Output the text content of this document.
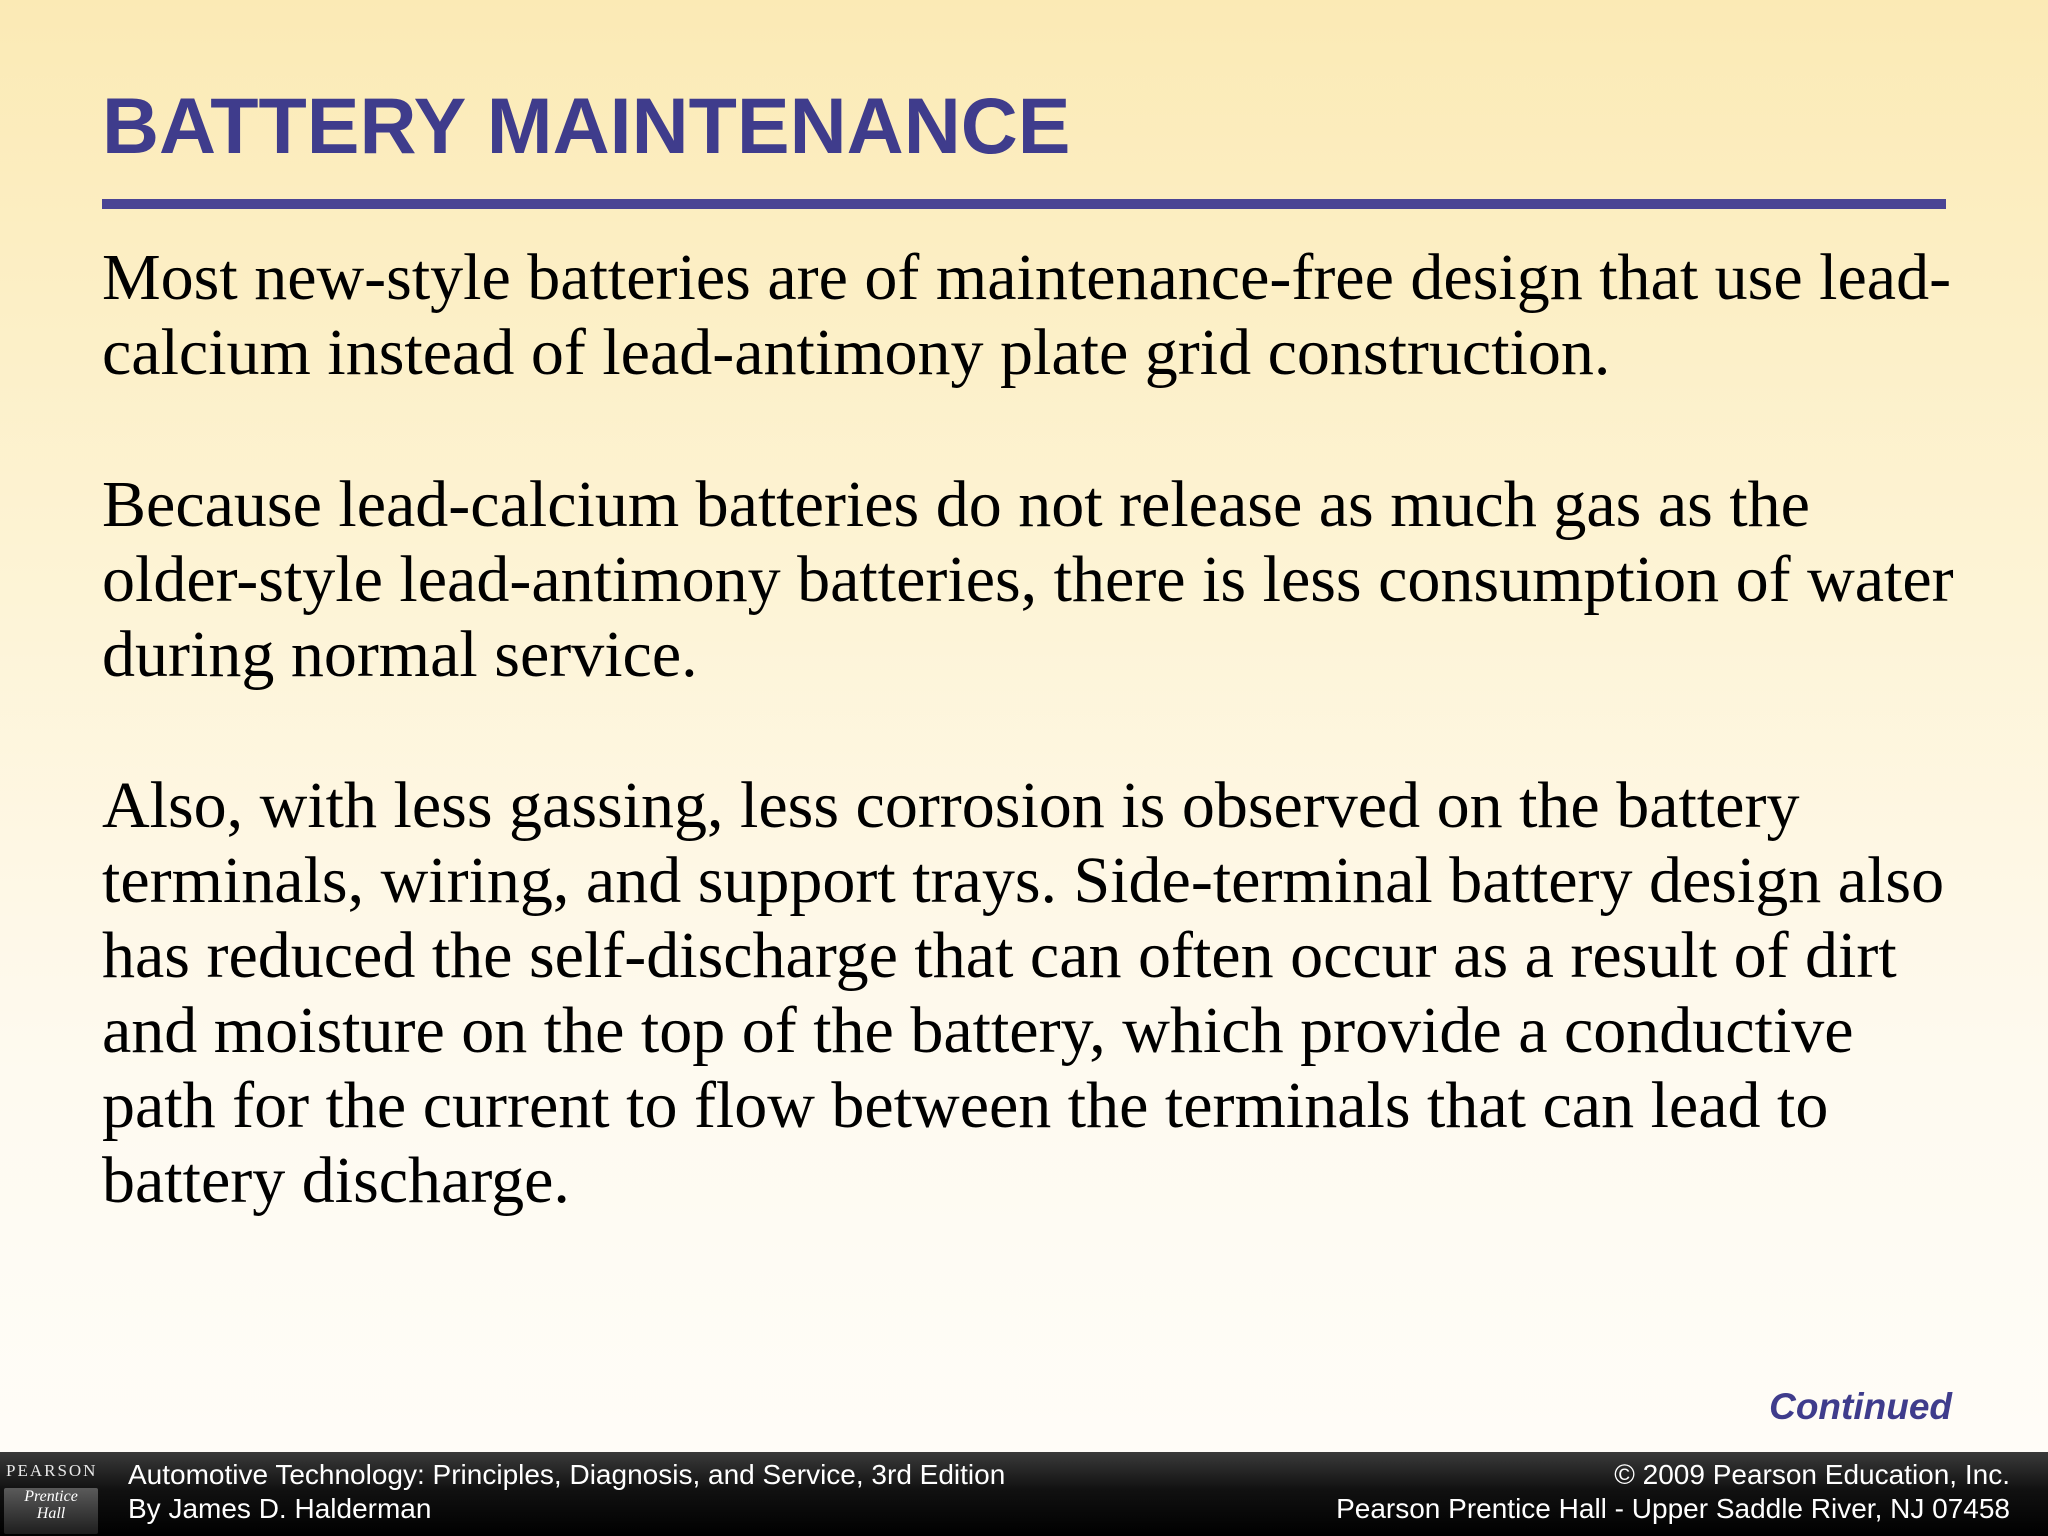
BATTERY MAINTENANCE

Most new-style batteries are of maintenance-free design that use lead-calcium instead of lead-antimony plate grid construction.

Because lead-calcium batteries do not release as much gas as the older-style lead-antimony batteries, there is less consumption of water during normal service.

Also, with less gassing, less corrosion is observed on the battery terminals, wiring, and support trays. Side-terminal battery design also has reduced the self-discharge that can often occur as a result of dirt and moisture on the top of the battery, which provide a conductive path for the current to flow between the terminals that can lead to battery discharge.

Continued
PEARSON
Prentice
Hall
Automotive Technology: Principles, Diagnosis, and Service, 3rd Edition
By James D. Halderman
© 2009 Pearson Education, Inc.
Pearson Prentice Hall - Upper Saddle River, NJ 07458
